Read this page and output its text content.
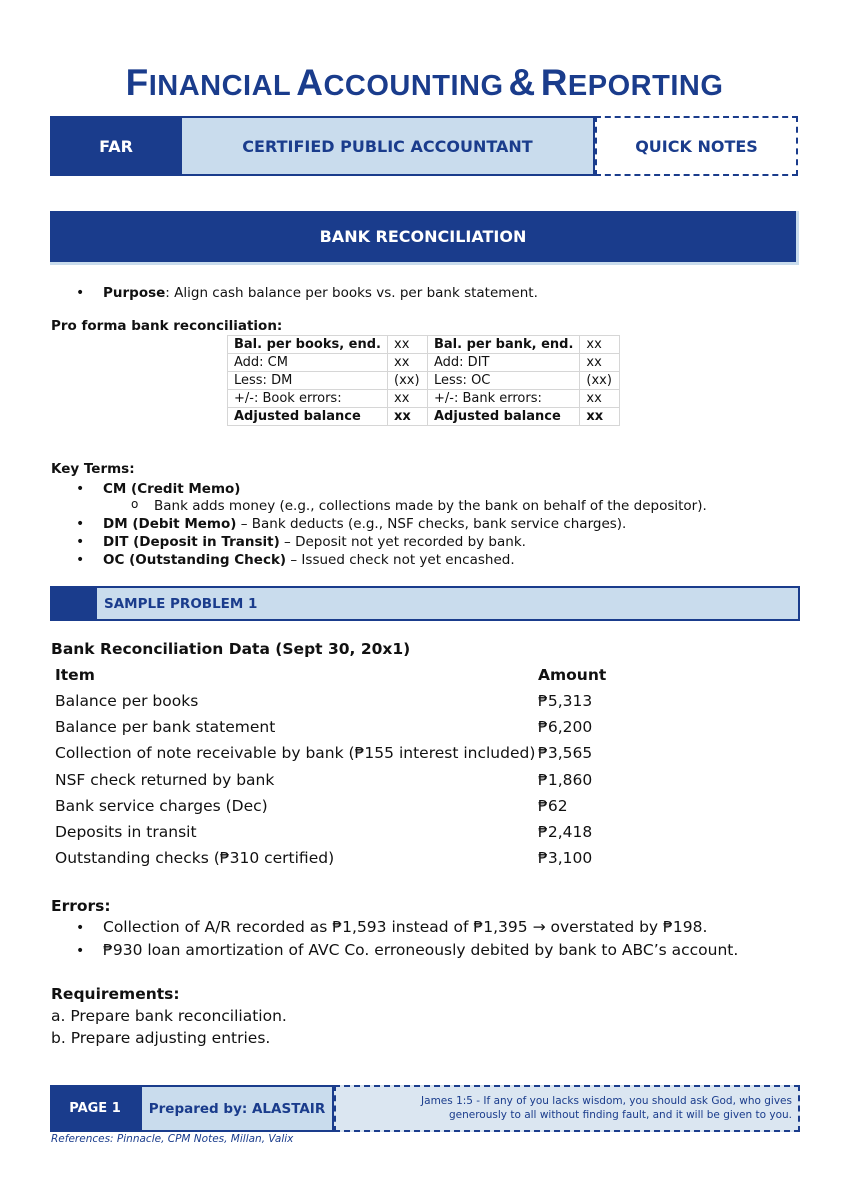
FINANCIAL ACCOUNTING & REPORTING
FAR	CERTIFIED PUBLIC ACCOUNTANT	QUICK NOTES
BANK RECONCILIATION
• Purpose: Align cash balance per books vs. per bank statement.
Pro forma bank reconciliation:
Bal. per books, end.	xx	Bal. per bank, end.	xx
Add: CM	xx	Add: DIT	xx
Less: DM	(xx)	Less: OC	(xx)
+/-: Book errors:	xx	+/-: Bank errors:	xx
Adjusted balance	xx	Adjusted balance	xx
Key Terms:
• CM (Credit Memo)
o Bank adds money (e.g., collections made by the bank on behalf of the depositor).
• DM (Debit Memo) – Bank deducts (e.g., NSF checks, bank service charges).
• DIT (Deposit in Transit) – Deposit not yet recorded by bank.
• OC (Outstanding Check) – Issued check not yet encashed.
SAMPLE PROBLEM 1
Bank Reconciliation Data (Sept 30, 20x1)
Item	Amount
Balance per books	₱5,313
Balance per bank statement	₱6,200
Collection of note receivable by bank (₱155 interest included) ₱3,565
NSF check returned by bank	₱1,860
Bank service charges (Dec)	₱62
Deposits in transit	₱2,418
Outstanding checks (₱310 certified)	₱3,100
Errors:
• Collection of A/R recorded as ₱1,593 instead of ₱1,395 → overstated by ₱198.
• ₱930 loan amortization of AVC Co. erroneously debited by bank to ABC’s account.
Requirements:
a. Prepare bank reconciliation.
b. Prepare adjusting entries.
PAGE 1	Prepared by: ALASTAIR	James 1:5 - If any of you lacks wisdom, you should ask God, who gives
generously to all without finding fault, and it will be given to you.
References: Pinnacle, CPM Notes, Millan, Valix
